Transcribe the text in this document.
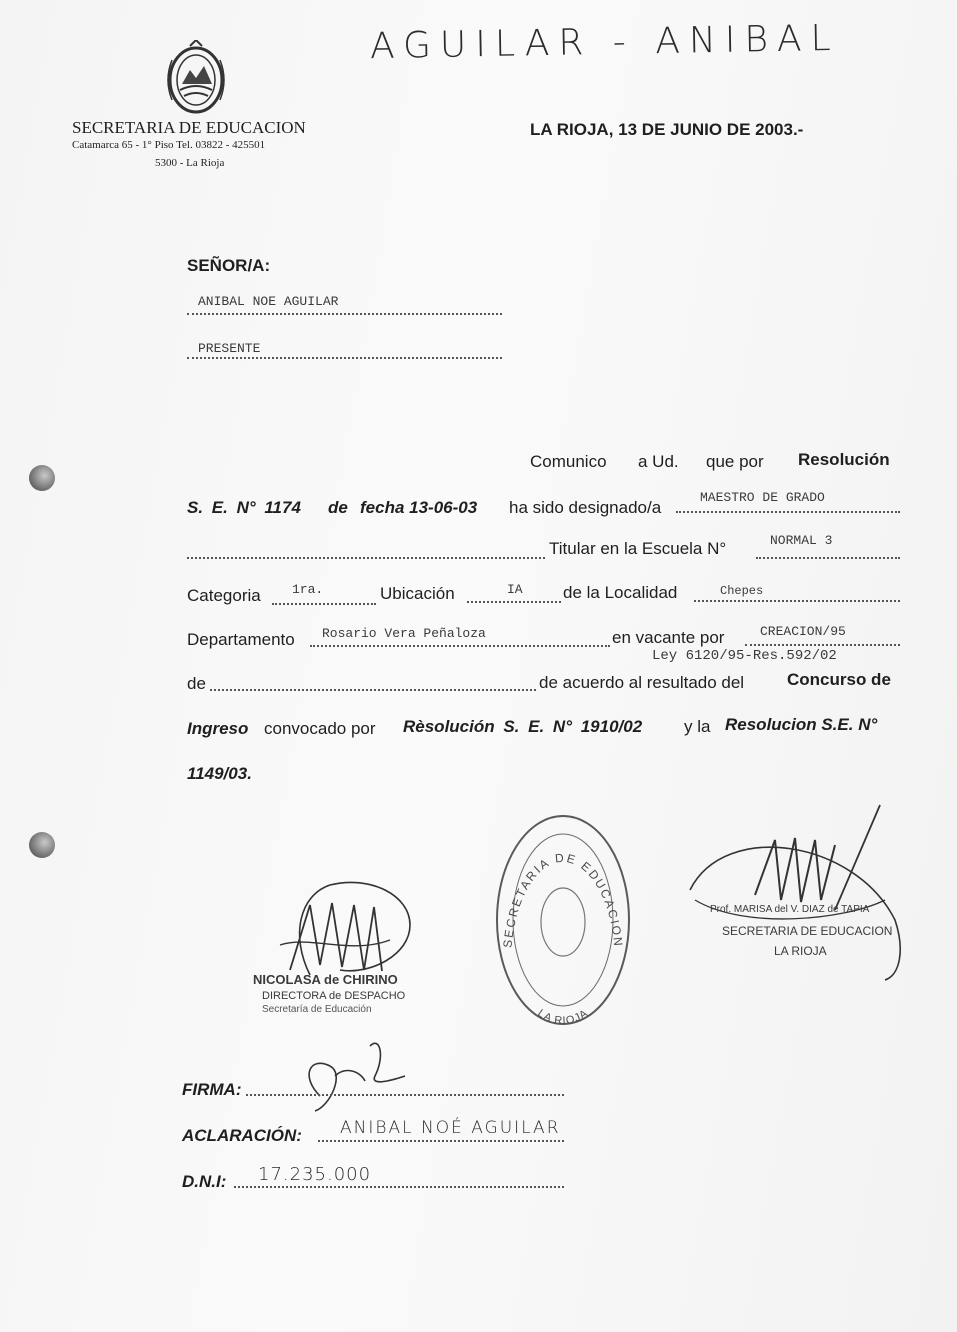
AGUILAR - ANIBAL
SECRETARIA DE EDUCACION
Catamarca 65 - 1° Piso Tel. 03822 - 425501
5300 - La Rioja
LA RIOJA, 13 DE JUNIO DE 2003.-
SEÑOR/A:
ANIBAL NOE AGUILAR
PRESENTE
Comunico a Ud. que por Resolución
S. E. N° 1174 de fecha 13-06-03 ha sido designado/a
MAESTRO DE GRADO
Titular en la Escuela N°	NORMAL 3
Categoria 1ra.	Ubicación	IA de la Localidad	Chepes
Departamento Rosario Vera Peñaloza	en vacante por	CREACION/95
Ley 6120/95-Res.592/02
de	de acuerdo al resultado del	Concurso de
Ingreso convocado por Rèsolución S. E. N° 1910/02 y la Resolucion S.E. N°
1149/03.
NICOLASA de CHIRINO
DIRECTORA de DESPACHO
Secretaría de Educación
SECRETARIA DE EDUCACION
LA RIOJA
Prof. MARISA del V. DIAZ de TAPIA
SECRETARIA DE EDUCACION
LA RIOJA
FIRMA:
ACLARACIÓN: ANIBAL NOÉ AGUILAR
D.N.I: 17.235.000
